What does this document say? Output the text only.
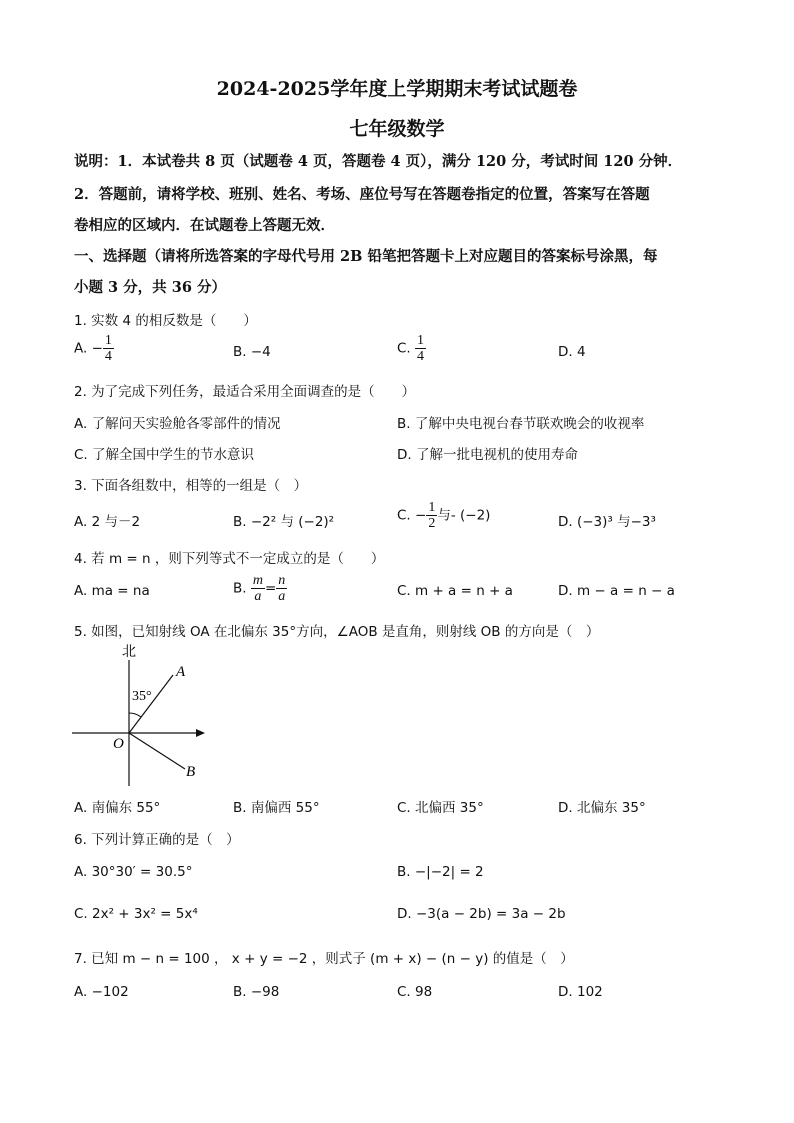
2024-2025学年度上学期期末考试试题卷
七年级数学
说明：1．本试卷共 8 页（试题卷 4 页，答题卷 4 页），满分 120 分，考试时间 120 分钟．
2．答题前，请将学校、班别、姓名、考场、座位号写在答题卷指定的位置，答案写在答题
卷相应的区域内．在试题卷上答题无效．
一、选择题（请将所选答案的字母代号用 2B 铅笔把答题卡上对应题目的答案标号涂黑，每
小题 3 分，共 36 分）
1. 实数 4 的相反数是（　　）
A. − $\frac{1}{4}$	B. −4	C. $\frac{1}{4}$	D. 4
2. 为了完成下列任务，最适合采用全面调查的是（　　）
A. 了解问天实验舱各零部件的情况	B. 了解中央电视台春节联欢晚会的收视率
C. 了解全国中学生的节水意识	D. 了解一批电视机的使用寿命
3. 下面各组数中，相等的一组是（　）
A. 2 与－2	B. −2² 与 (−2)²	C. − $\frac{1}{2}$ 与- (−2)	D. (−3)³ 与−3³
4. 若 m = n ，则下列等式不一定成立的是（　　）
A. ma = na	B. $\frac{m}{a} = \frac{n}{a}$	C. m + a = n + a	D. m − a = n − a
5. 如图，已知射线 OA 在北偏东 35°方向，∠AOB 是直角，则射线 OB 的方向是（　）
北
35°
A
B
O
A. 南偏东 55°	B. 南偏西 55°	C. 北偏西 35°	D. 北偏东 35°
6. 下列计算正确的是（　）
A. 30°30′ = 30.5°	B. −|−2| = 2
C. 2x² + 3x² = 5x⁴	D. −3(a − 2b) = 3a − 2b
7. 已知 m − n = 100 ， x + y = −2 ，则式子 (m + x) − (n − y) 的值是（　）
A. −102	B. −98	C. 98	D. 102
